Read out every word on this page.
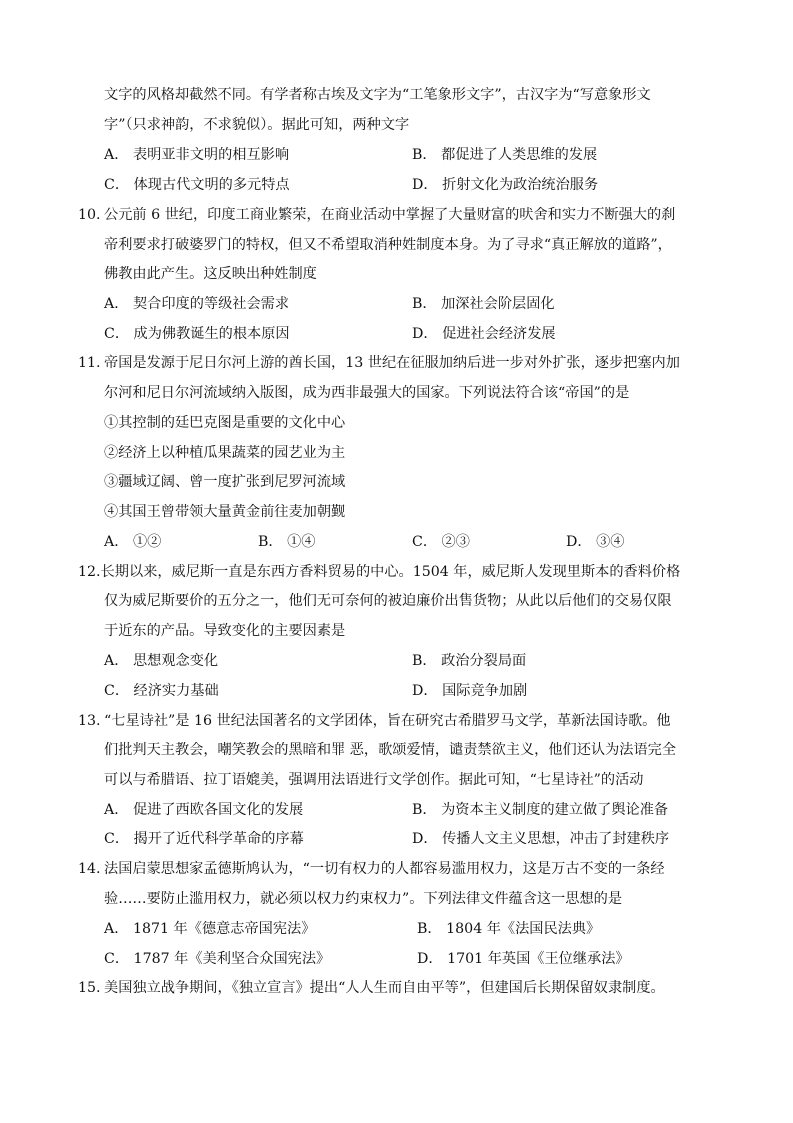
文字的风格却截然不同。有学者称古埃及文字为“工笔象形文字”，古汉字为“写意象形文
字”（只求神韵，不求貌似）。据此可知，两种文字
A． 表明亚非文明的相互影响	B． 都促进了人类思维的发展
C． 体现古代文明的多元特点	D． 折射文化为政治统治服务
10. 公元前 6 世纪，印度工商业繁荣，在商业活动中掌握了大量财富的吠舍和实力不断强大的刹
帝利要求打破婆罗门的特权，但又不希望取消种姓制度本身。为了寻求“真正解放的道路”，
佛教由此产生。这反映出种姓制度
A． 契合印度的等级社会需求	B． 加深社会阶层固化
C． 成为佛教诞生的根本原因	D． 促进社会经济发展
11. 帝国是发源于尼日尔河上游的酋长国，13 世纪在征服加纳后进一步对外扩张，逐步把塞内加
尔河和尼日尔河流域纳入版图，成为西非最强大的国家。下列说法符合该“帝国”的是
①其控制的廷巴克图是重要的文化中心
②经济上以种植瓜果蔬菜的园艺业为主
③疆域辽阔、曾一度扩张到尼罗河流域
④其国王曾带领大量黄金前往麦加朝觐
A． ①②	B． ①④	C． ②③	D． ③④
12.长期以来，威尼斯一直是东西方香料贸易的中心。1504 年，威尼斯人发现里斯本的香料价格
仅为威尼斯要价的五分之一，他们无可奈何的被迫廉价出售货物；从此以后他们的交易仅限
于近东的产品。导致变化的主要因素是
A． 思想观念变化	B． 政治分裂局面
C． 经济实力基础	D． 国际竞争加剧
13. “七星诗社”是 16 世纪法国著名的文学团体，旨在研究古希腊罗马文学，革新法国诗歌。他
们批判天主教会，嘲笑教会的黑暗和罪 恶，歌颂爱情，谴责禁欲主义，他们还认为法语完全
可以与希腊语、拉丁语媲美，强调用法语进行文学创作。据此可知，“七星诗社”的活动
A． 促进了西欧各国文化的发展	B． 为资本主义制度的建立做了舆论准备
C． 揭开了近代科学革命的序幕	D． 传播人文主义思想，冲击了封建秩序
14. 法国启蒙思想家孟德斯鸠认为，“一切有权力的人都容易滥用权力，这是万古不变的一条经
验……要防止滥用权力，就必须以权力约束权力”。下列法律文件蕴含这一思想的是
A． 1871 年《德意志帝国宪法》	B． 1804 年《法国民法典》
C． 1787 年《美利坚合众国宪法》	D． 1701 年英国《王位继承法》
15. 美国独立战争期间，《独立宣言》提出“人人生而自由平等”，但建国后长期保留奴隶制度。
